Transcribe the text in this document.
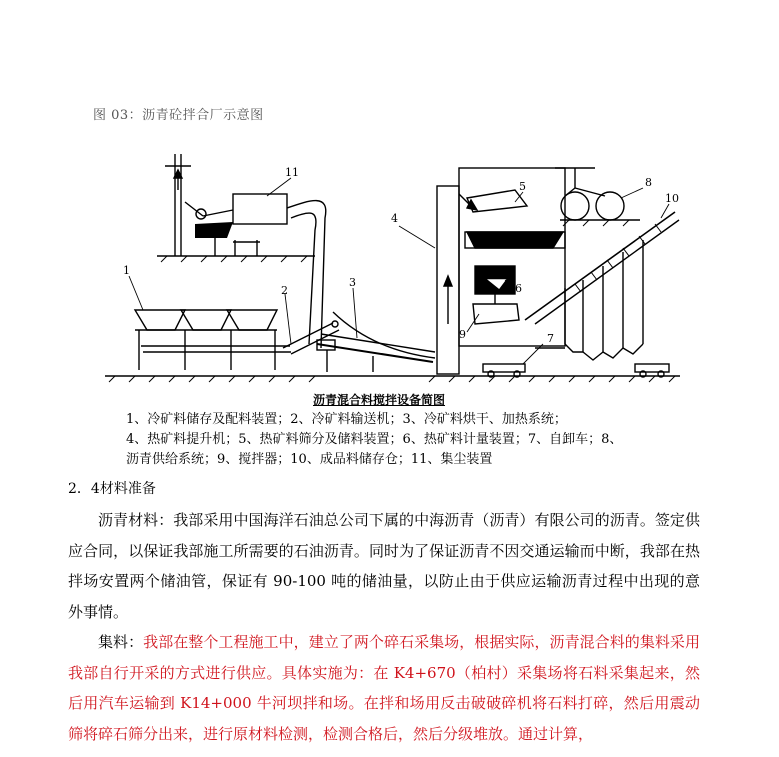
图 03：沥青砼拌合厂示意图
1
2
3
4
5
6
7
8
9
10
11
沥青混合料搅拌设备简图
1、冷矿料储存及配料装置；2、冷矿料输送机；3、冷矿料烘干、加热系统；
4、热矿料提升机；5、热矿料筛分及储料装置；6、热矿料计量装置；7、自卸车；8、
沥青供给系统；9、搅拌器；10、成品料储存仓；11、集尘装置
2．4材料准备
沥青材料：我部采用中国海洋石油总公司下属的中海沥青（沥青）有限公司的沥青。签定供应合同，以保证我部施工所需要的石油沥青。同时为了保证沥青不因交通运输而中断，我部在热拌场安置两个储油管，保证有 90-100 吨的储油量，以防止由于供应运输沥青过程中出现的意外事情。
集料：我部在整个工程施工中，建立了两个碎石采集场，根据实际，沥青混合料的集料采用我部自行开采的方式进行供应。具体实施为：在 K4+670（柏村）采集场将石料采集起来，然后用汽车运输到 K14+000 牛河坝拌和场。在拌和场用反击破破碎机将石料打碎，然后用震动筛将碎石筛分出来，进行原材料检测，检测合格后，然后分级堆放。通过计算，
